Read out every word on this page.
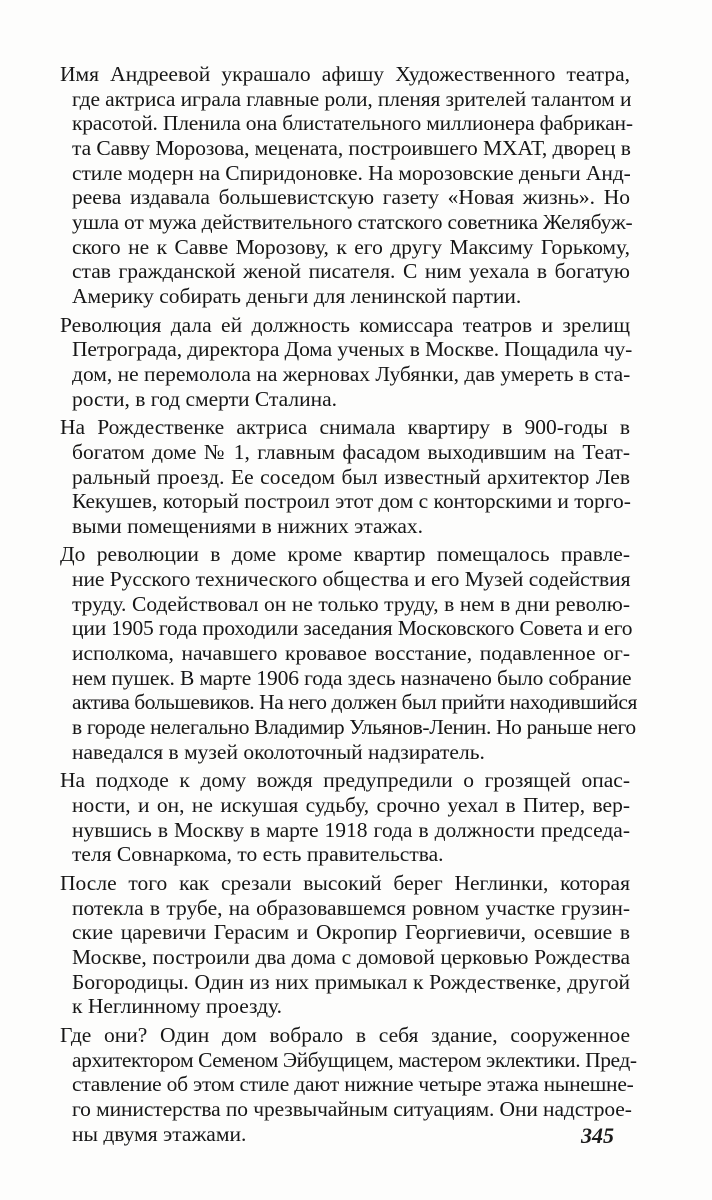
Имя Андреевой украшало афишу Художественного театра,
где актриса играла главные роли, пленяя зрителей талантом и
красотой. Пленила она блистательного миллионера фабрикан-
та Савву Морозова, мецената, построившего МХАТ, дворец в
стиле модерн на Спиридоновке. На морозовские деньги Анд-
реева издавала большевистскую газету «Новая жизнь». Но
ушла от мужа действительного статского советника Желябуж-
ского не к Савве Морозову, к его другу Максиму Горькому,
став гражданской женой писателя. С ним уехала в богатую
Америку собирать деньги для ленинской партии.
Революция дала ей должность комиссара театров и зрелищ
Петрограда, директора Дома ученых в Москве. Пощадила чу-
дом, не перемолола на жерновах Лубянки, дав умереть в ста-
рости, в год смерти Сталина.
На Рождественке актриса снимала квартиру в 900-годы в
богатом доме № 1, главным фасадом выходившим на Теат-
ральный проезд. Ее соседом был известный архитектор Лев
Кекушев, который построил этот дом с конторскими и торго-
выми помещениями в нижних этажах.
До революции в доме кроме квартир помещалось правле-
ние Русского технического общества и его Музей содействия
труду. Содействовал он не только труду, в нем в дни револю-
ции 1905 года проходили заседания Московского Совета и его
исполкома, начавшего кровавое восстание, подавленное ог-
нем пушек. В марте 1906 года здесь назначено было собрание
актива большевиков. На него должен был прийти находившийся
в городе нелегально Владимир Ульянов-Ленин. Но раньше него
наведался в музей околоточный надзиратель.
На подходе к дому вождя предупредили о грозящей опас-
ности, и он, не искушая судьбу, срочно уехал в Питер, вер-
нувшись в Москву в марте 1918 года в должности председа-
теля Совнаркома, то есть правительства.
После того как срезали высокий берег Неглинки, которая
потекла в трубе, на образовавшемся ровном участке грузин-
ские царевичи Герасим и Окропир Георгиевичи, осевшие в
Москве, построили два дома с домовой церковью Рождества
Богородицы. Один из них примыкал к Рождественке, другой
к Неглинному проезду.
Где они? Один дом вобрало в себя здание, сооруженное
архитектором Семеном Эйбущицем, мастером эклектики. Пред-
ставление об этом стиле дают нижние четыре этажа нынешне-
го министерства по чрезвычайным ситуациям. Они надстрое-
ны двумя этажами.	345
